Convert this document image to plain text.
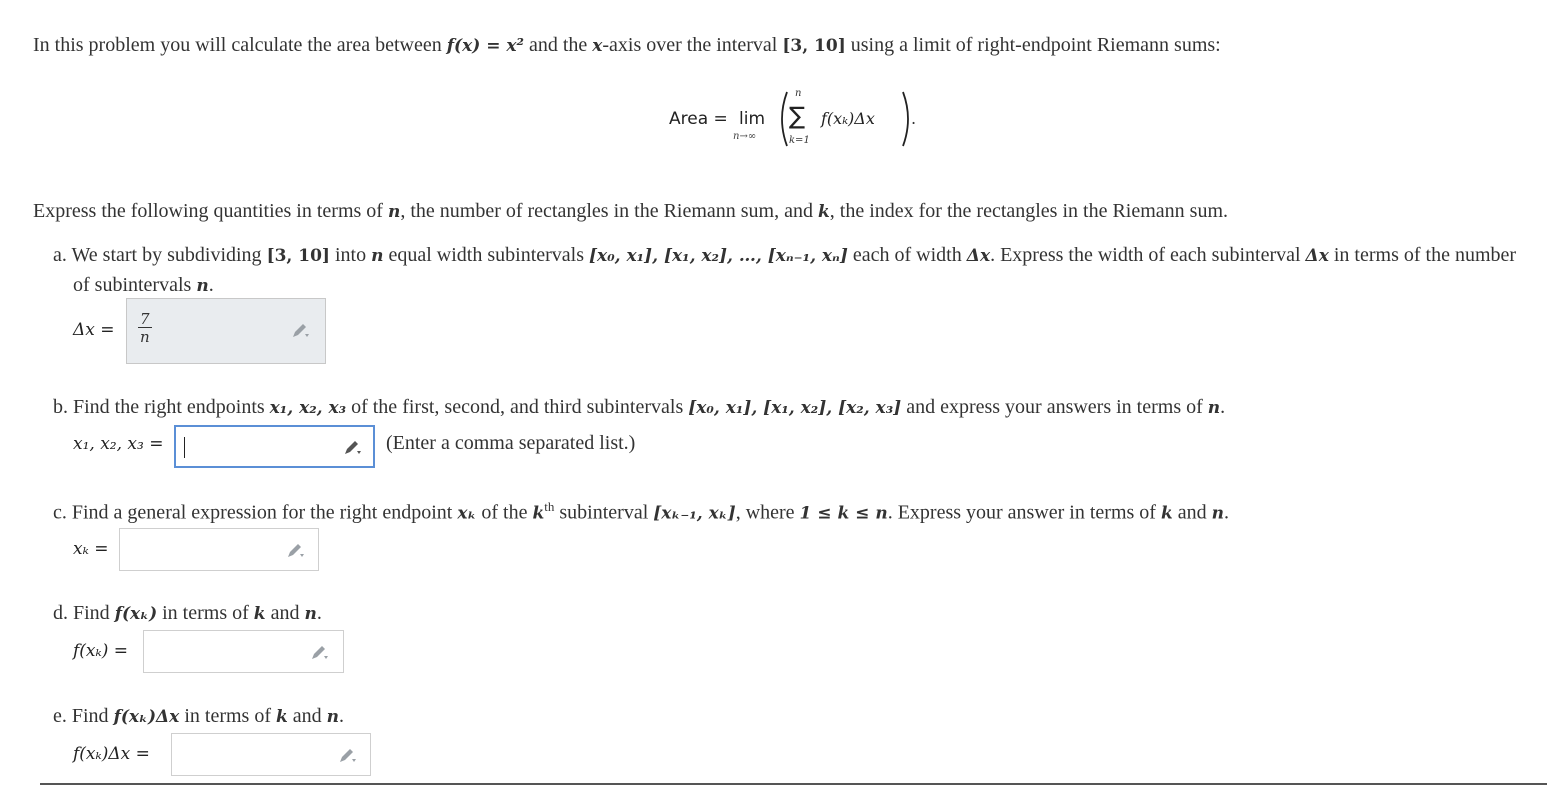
In this problem you will calculate the area between f(x) = x² and the x-axis over the interval [3, 10] using a limit of right-endpoint Riemann sums:
Area = lim
n→∞
∑
n
k=1
f(xₖ)Δx .
Express the following quantities in terms of n, the number of rectangles in the Riemann sum, and k, the index for the rectangles in the Riemann sum.
a. We start by subdividing [3, 10] into n equal width subintervals [x₀, x₁], [x₁, x₂], …, [xₙ₋₁, xₙ] each of width Δx. Express the width of each subinterval Δx in terms of the number
of subintervals n.
$\Delta x = \frac{7}{n}$
b. Find the right endpoints x₁, x₂, x₃ of the first, second, and third subintervals [x₀, x₁], [x₁, x₂], [x₂, x₃] and express your answers in terms of n.
x₁, x₂, x₃ =	(Enter a comma separated list.)
c. Find a general expression for the right endpoint xₖ of the $k^{th}$ subinterval [xₖ₋₁, xₖ], where 1 ≤ k ≤ n. Express your answer in terms of k and n.
xₖ =
d. Find f(xₖ) in terms of k and n.
f(xₖ) =
e. Find f(xₖ)Δx in terms of k and n.
f(xₖ)Δx =
